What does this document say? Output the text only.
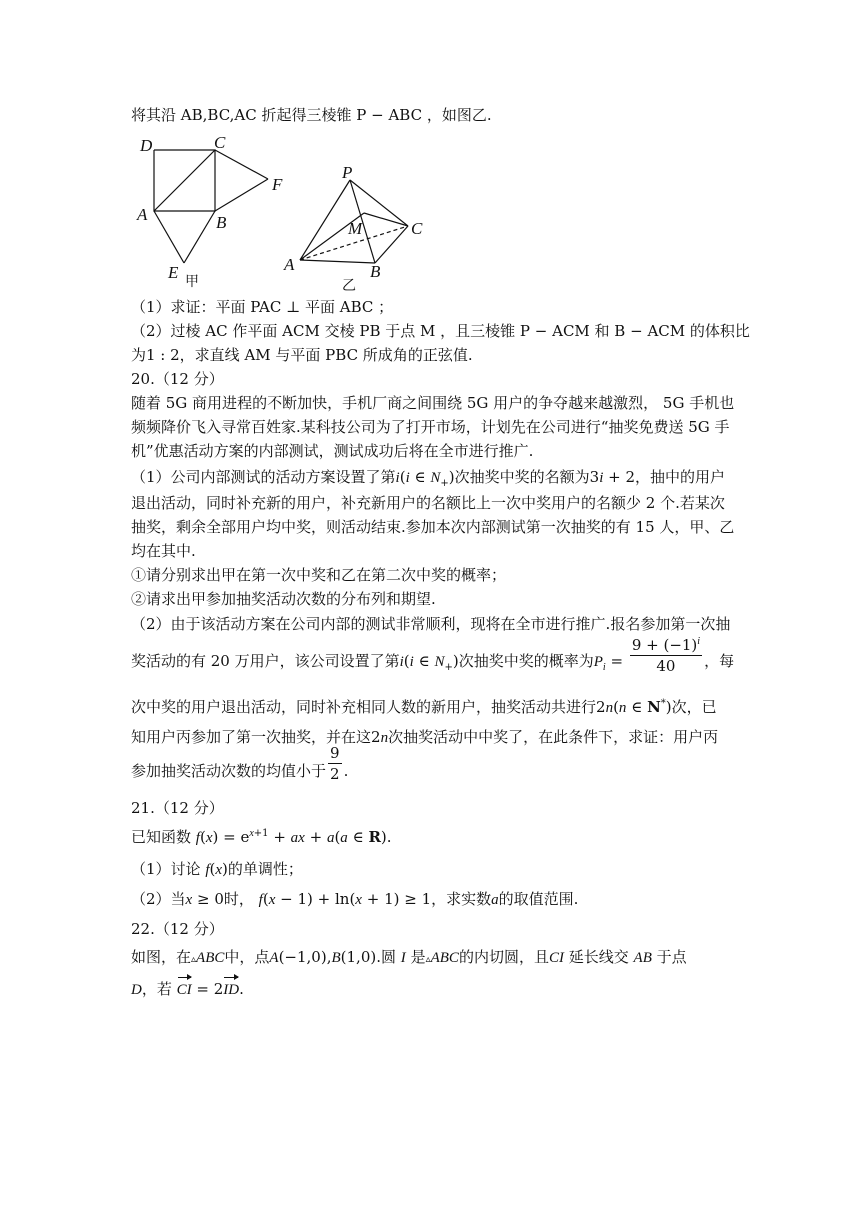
将其沿 AB,BC,AC 折起得三棱锥 P − ABC ，如图乙.
D	C
F
A	B
E 甲
P
M	C
A	B
乙
（1）求证：平面 PAC ⊥ 平面 ABC ；
（2）过棱 AC 作平面 ACM 交棱 PB 于点 M ，且三棱锥 P − ACM 和 B − ACM 的体积比
为1 : 2，求直线 AM 与平面 PBC 所成角的正弦值.
20.（12 分）
随着 5G 商用进程的不断加快，手机厂商之间围绕 5G 用户的争夺越来越激烈， 5G 手机也
频频降价飞入寻常百姓家.某科技公司为了打开市场，计划先在公司进行“抽奖免费送 5G 手
机”优惠活动方案的内部测试，测试成功后将在全市进行推广.
（1）公司内部测试的活动方案设置了第i(i ∈ $N_+$)次抽奖中奖的名额为3i + 2，抽中的用户
退出活动，同时补充新的用户，补充新用户的名额比上一次中奖用户的名额少 2 个.若某次
抽奖，剩余全部用户均中奖，则活动结束.参加本次内部测试第一次抽奖的有 15 人，甲、乙
均在其中.
①请分别求出甲在第一次中奖和乙在第二次中奖的概率；
②请求出甲参加抽奖活动次数的分布列和期望.
（2）由于该活动方案在公司内部的测试非常顺利，现将在全市进行推广.报名参加第一次抽
奖活动的有 20 万用户，该公司设置了第i(i ∈ $N_+$)次抽奖中奖的概率为$P_i = \frac{9 + (-1)^i}{40}$ ，每
次中奖的用户退出活动，同时补充相同人数的新用户，抽奖活动共进行2n(n ∈ N*)次，已
知用户丙参加了第一次抽奖，并在这2n次抽奖活动中中奖了，在此条件下，求证：用户丙
参加抽奖活动次数的均值小于 $\frac{9}{2}$ .
21.（12 分）
已知函数 $f(x) = e^{x+1}$ + ax + a(a ∈ R).
（1）讨论 f(x)的单调性；
（2）当x ≥ 0时， f(x − 1) + ln(x + 1) ≥ 1，求实数a的取值范围.
22.（12 分）
如图，在▵ABC中，点A(−1,0),B(1,0).圆 I 是▵ABC的内切圆，且CI 延长线交 AB 于点
D，若 CI = 2ID.
